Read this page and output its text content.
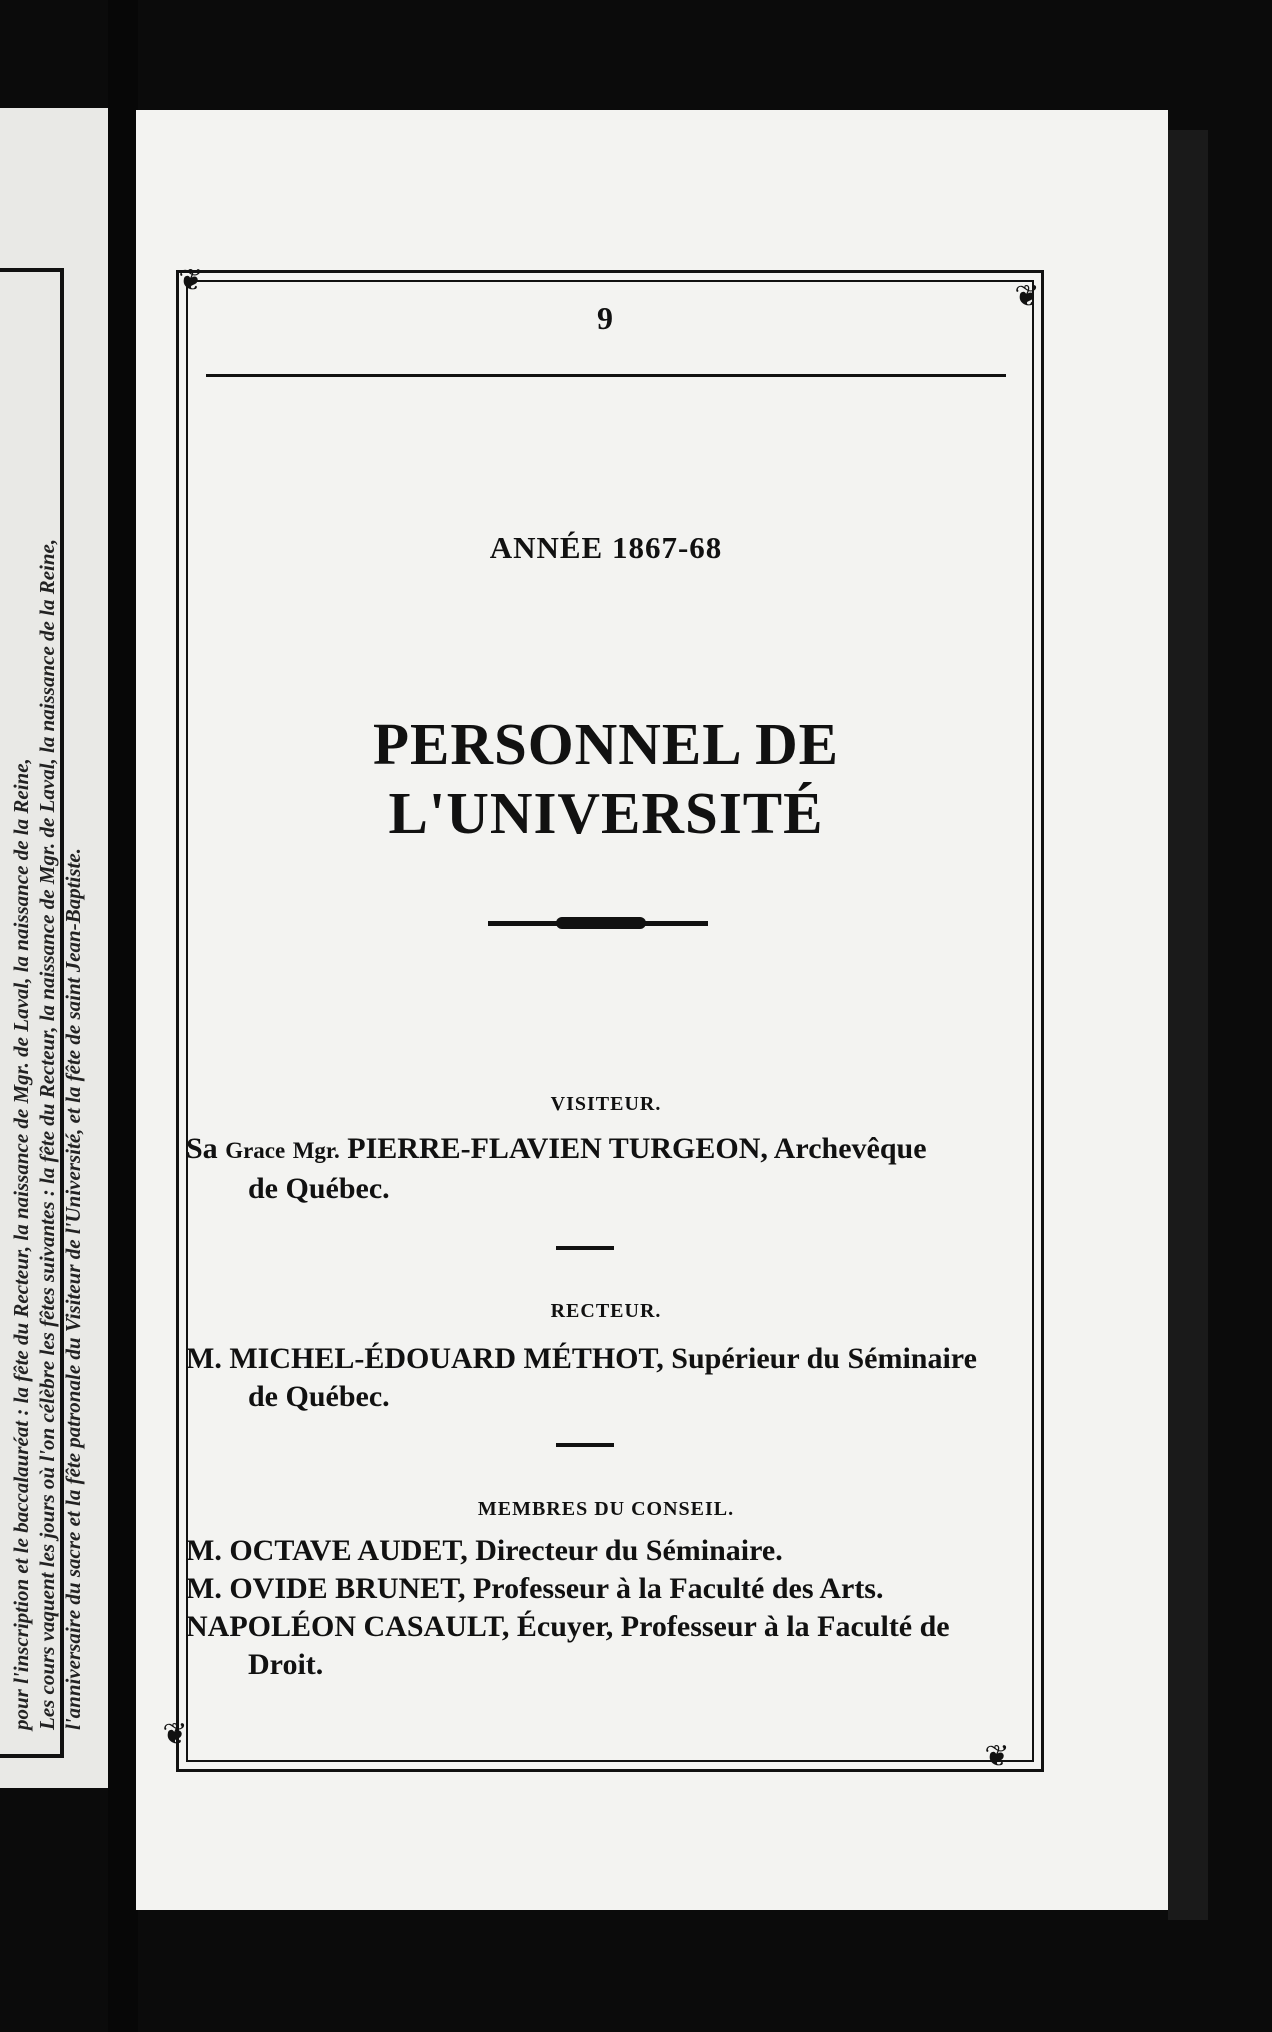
pour l'inscription et le baccalauréat : la fête du Recteur, la naissance de Mgr. de Laval, la naissance de la Reine, Les cours vaquent les jours où l'on célèbre les fêtes suivantes : la fête du Recteur, la naissance de Mgr. de Laval, la naissance de la Reine, l'anniversaire du sacre et la fête patronale du Visiteur de l'Université, et la fête de saint Jean-Baptiste.
❦	❦
❦
❦
9
ANNÉE 1867-68
PERSONNEL DE L'UNIVERSITÉ
VISITEUR.
Sa Grace Mgr. PIERRE-FLAVIEN TURGEON, Archevêque
de Québec.
RECTEUR.
M. MICHEL-ÉDOUARD MÉTHOT, Supérieur du Séminaire
de Québec.
MEMBRES DU CONSEIL.
M. OCTAVE AUDET, Directeur du Séminaire.
M. OVIDE BRUNET, Professeur à la Faculté des Arts.
NAPOLÉON CASAULT, Écuyer, Professeur à la Faculté de
Droit.
